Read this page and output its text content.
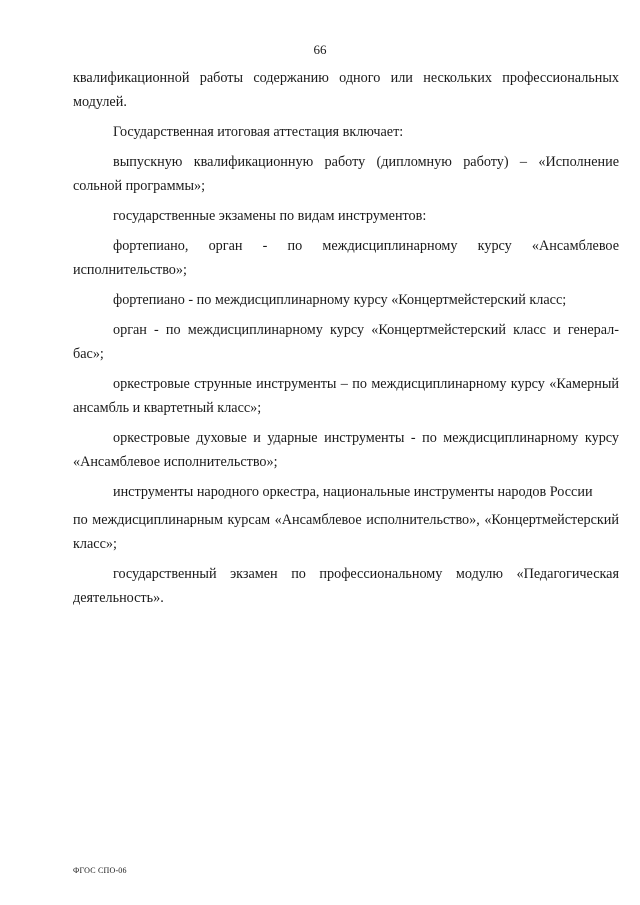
66

квалификационной работы содержанию одного или нескольких профессиональных модулей.

Государственная итоговая аттестация включает:

выпускную квалификационную работу (дипломную работу) – «Исполнение сольной программы»;

государственные экзамены по видам инструментов:

фортепиано, орган - по междисциплинарному курсу «Ансамблевое исполнительство»;

фортепиано - по междисциплинарному курсу «Концертмейстерский класс;

орган - по междисциплинарному курсу «Концертмейстерский класс и генерал-бас»;

оркестровые струнные инструменты – по междисциплинарному курсу «Камерный ансамбль и квартетный класс»;

оркестровые духовые и ударные инструменты - по междисциплинарному курсу «Ансамблевое исполнительство»;

инструменты народного оркестра, национальные инструменты народов России

по междисциплинарным курсам «Ансамблевое исполнительство», «Концертмейстерский класс»;

государственный экзамен по профессиональному модулю «Педагогическая деятельность».

ФГОС СПО-06
